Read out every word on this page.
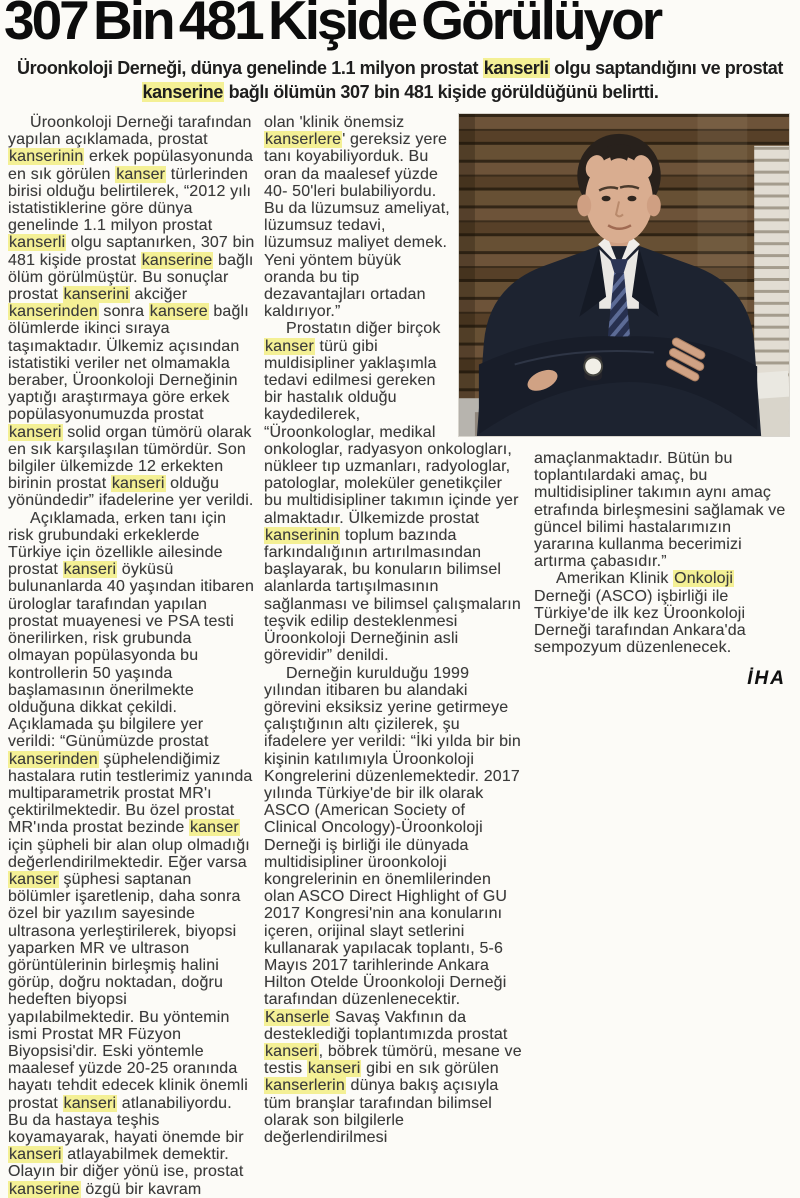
307 Bin 481 Kişide Görülüyor

Üroonkoloji Derneği, dünya genelinde 1.1 milyon prostat kanserli olgu saptandığını ve prostat kanserine bağlı ölümün 307 bin 481 kişide görüldüğünü belirtti.

Üroonkoloji Derneği tarafından yapılan açıklamada, prostat kanserinin erkek popülasyonunda en sık görülen kanser türlerinden birisi olduğu belirtilerek, “2012 yılı istatistiklerine göre dünya genelinde 1.1 milyon prostat kanserli olgu saptanırken, 307 bin 481 kişide prostat kanserine bağlı ölüm görülmüştür. Bu sonuçlar prostat kanserini akciğer kanserinden sonra kansere bağlı ölümlerde ikinci sıraya taşımaktadır. Ülkemiz açısından istatistiki veriler net olmamakla beraber, Üroonkoloji Derneğinin yaptığı araştırmaya göre erkek popülasyonumuzda prostat kanseri solid organ tümörü olarak en sık karşılaşılan tümördür. Son bilgiler ülkemizde 12 erkekten birinin prostat kanseri olduğu yönündedir” ifadelerine yer verildi.

Açıklamada, erken tanı için risk grubundaki erkeklerde Türkiye için özellikle ailesinde prostat kanseri öyküsü bulunanlarda 40 yaşından itibaren ürologlar tarafından yapılan prostat muayenesi ve PSA testi önerilirken, risk grubunda olmayan popülasyonda bu kontrollerin 50 yaşında başlamasının önerilmekte olduğuna dikkat çekildi. Açıklamada şu bilgilere yer verildi: “Günümüzde prostat kanserinden şüphelendiğimiz hastalara rutin testlerimiz yanında multiparametrik prostat MR'ı çektirilmektedir. Bu özel prostat MR'ında prostat bezinde kanser için şüpheli bir alan olup olmadığı değerlendirilmektedir. Eğer varsa kanser şüphesi saptanan bölümler işaretlenip, daha sonra özel bir yazılım sayesinde ultrasona yerleştirilerek, biyopsi yaparken MR ve ultrason görüntülerinin birleşmiş halini görüp, doğru noktadan, doğru hedeften biyopsi yapılabilmektedir. Bu yöntemin ismi Prostat MR Füzyon Biyopsisi'dir. Eski yöntemle maalesef yüzde 20-25 oranında hayatı tehdit edecek klinik önemli prostat kanseri atlanabiliyordu. Bu da hastaya teşhis koyamayarak, hayati önemde bir kanseri atlayabilmek demektir. Olayın bir diğer yönü ise, prostat kanserine özgü bir kavram

olan 'klinik önemsiz kanserlere' gereksiz yere tanı koyabiliyorduk. Bu oran da maalesef yüzde 40- 50'leri bulabiliyordu. Bu da lüzumsuz ameliyat, lüzumsuz tedavi, lüzumsuz maliyet demek. Yeni yöntem büyük oranda bu tip dezavantajları ortadan kaldırıyor.”

Prostatın diğer birçok kanser türü gibi muldisipliner yaklaşımla tedavi edilmesi gereken bir hastalık olduğu kaydedilerek, “Üroonkologlar, medikal onkologlar, radyasyon onkologları, nükleer tıp uzmanları, radyologlar, patologlar, moleküler genetikçiler bu multidisipliner takımın içinde yer almaktadır. Ülkemizde prostat kanserinin toplum bazında farkındalığının artırılmasından başlayarak, bu konuların bilimsel alanlarda tartışılmasının sağlanması ve bilimsel çalışmaların teşvik edilip desteklenmesi Üroonkoloji Derneğinin asli görevidir” denildi.

Derneğin kurulduğu 1999 yılından itibaren bu alandaki görevini eksiksiz yerine getirmeye çalıştığının altı çizilerek, şu ifadelere yer verildi: “İki yılda bir bin kişinin katılımıyla Üroonkoloji Kongrelerini düzenlemektedir. 2017 yılında Türkiye'de bir ilk olarak ASCO (American Society of Clinical Oncology)-Üroonkoloji Derneği iş birliği ile dünyada multidisipliner üroonkoloji kongrelerinin en önemlilerinden olan ASCO Direct Highlight of GU 2017 Kongresi'nin ana konularını içeren, orijinal slayt setlerini kullanarak yapılacak toplantı, 5-6 Mayıs 2017 tarihlerinde Ankara Hilton Otelde Üroonkoloji Derneği tarafından düzenlenecektir. Kanserle Savaş Vakfının da desteklediği toplantımızda prostat kanseri, böbrek tümörü, mesane ve testis kanseri gibi en sık görülen kanserlerin dünya bakış açısıyla tüm branşlar tarafından bilimsel olarak son bilgilerle değerlendirilmesi

amaçlanmaktadır. Bütün bu toplantılardaki amaç, bu multidisipliner takımın aynı amaç etrafında birleşmesini sağlamak ve güncel bilimi hastalarımızın yararına kullanma becerimizi artırma çabasıdır.”

Amerikan Klinik Onkoloji Derneği (ASCO) işbirliği ile Türkiye'de ilk kez Üroonkoloji Derneği tarafından Ankara'da sempozyum düzenlenecek.

İHA
